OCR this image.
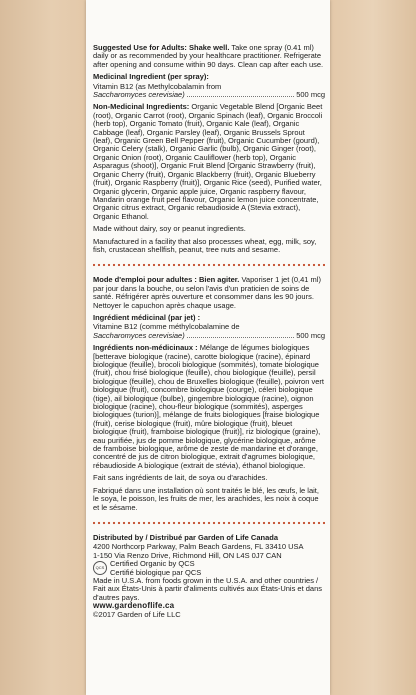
Suggested Use for Adults: Shake well. Take one spray (0.41 ml) daily or as recommended by your healthcare practitioner. Refrigerate after opening and consume within 90 days. Clean cap after each use.

Medicinal Ingredient (per spray):

Vitamin B12 (as Methylcobalamin from
Saccharomyces cerevisiae)	500 mcg

Non-Medicinal Ingredients: Organic Vegetable Blend [Organic Beet (root), Organic Carrot (root), Organic Spinach (leaf), Organic Broccoli (herb top), Organic Tomato (fruit), Organic Kale (leaf), Organic Cabbage (leaf), Organic Parsley (leaf), Organic Brussels Sprout (leaf), Organic Green Bell Pepper (fruit), Organic Cucumber (gourd), Organic Celery (stalk), Organic Garlic (bulb), Organic Ginger (root), Organic Onion (root), Organic Cauliflower (herb top), Organic Asparagus (shoot)], Organic Fruit Blend [Organic Strawberry (fruit), Organic Cherry (fruit), Organic Blackberry (fruit), Organic Blueberry (fruit), Organic Raspberry (fruit)], Organic Rice (seed), Purified water, Organic glycerin, Organic apple juice, Organic raspberry flavour, Mandarin orange fruit peel flavour, Organic lemon juice concentrate, Organic citrus extract, Organic rebaudioside A (Stevia extract), Organic Ethanol.

Made without dairy, soy or peanut ingredients.

Manufactured in a facility that also processes wheat, egg, milk, soy, fish, crustacean shellfish, peanut, tree nuts and sesame.

Mode d'emploi pour adultes : Bien agiter. Vaporiser 1 jet (0,41 ml) par jour dans la bouche, ou selon l'avis d'un praticien de soins de santé. Réfrigérer après ouverture et consommer dans les 90 jours. Nettoyer le capuchon après chaque usage.

Ingrédient médicinal (par jet) :

Vitamine B12 (comme méthylcobalamine de
Saccharomyces cerevisiae)	500 mcg

Ingrédients non-médicinaux : Mélange de légumes biologiques [betterave biologique (racine), carotte biologique (racine), épinard biologique (feuille), brocoli biologique (sommités), tomate biologique (fruit), chou frisé biologique (feuille), chou biologique (feuille), persil biologique (feuille), chou de Bruxelles biologique (feuille), poivron vert biologique (fruit), concombre biologique (courge), céleri biologique (tige), ail biologique (bulbe), gingembre biologique (racine), oignon biologique (racine), chou-fleur biologique (sommités), asperges biologiques (turion)], mélange de fruits biologiques [fraise biologique (fruit), cerise biologique (fruit), mûre biologique (fruit), bleuet biologique (fruit), framboise biologique (fruit)], riz biologique (graine), eau purifiée, jus de pomme biologique, glycérine biologique, arôme de framboise biologique, arôme de zeste de mandarine et d'orange, concentré de jus de citron biologique, extrait d'agrumes biologique, rébaudioside A biologique (extrait de stévia), éthanol biologique.

Fait sans ingrédients de lait, de soya ou d'arachides.

Fabriqué dans une installation où sont traités le blé, les œufs, le lait, le soya, le poisson, les fruits de mer, les arachides, les noix à coque et le sésame.

Distributed by / Distribué par Garden of Life Canada

4200 Northcorp Parkway, Palm Beach Gardens, FL 33410 USA
1-150 Via Renzo Drive, Richmond Hill, ON L4S 0J7 CAN
QCS Certified Organic by QCS
Certifié biologique par QCS
Made in U.S.A. from foods grown in the U.S.A. and other countries /
Fait aux États-Unis à partir d'aliments cultivés aux États-Unis et dans d'autres pays.
www.gardenoflife.ca
©2017 Garden of Life LLC
